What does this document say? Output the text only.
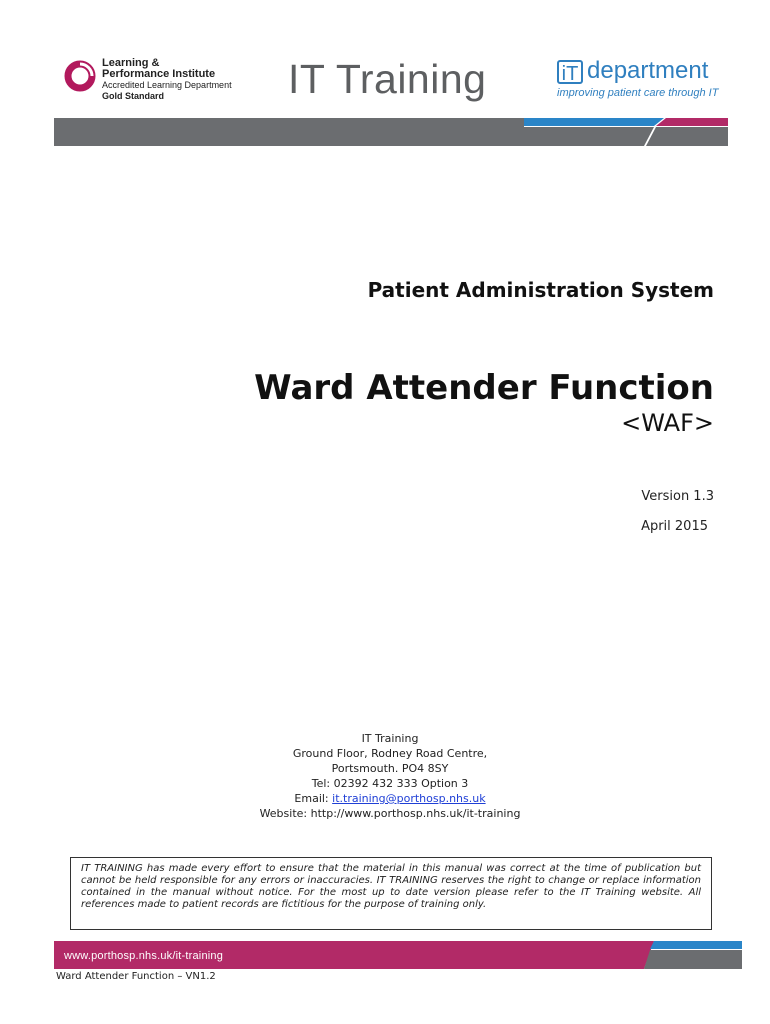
Learning &
Performance Institute
Accredited Learning Department
Gold Standard	IT Training	iT department
improving patient care through IT
Patient Administration System
Ward Attender Function
<WAF>
Version 1.3
April 2015
IT Training
Ground Floor, Rodney Road Centre,
Portsmouth. PO4 8SY
Tel: 02392 432 333 Option 3
Email: it.training@porthosp.nhs.uk
Website: http://www.porthosp.nhs.uk/it-training
IT TRAINING has made every effort to ensure that the material in this manual was correct at the time of publication but cannot be held responsible for any errors or inaccuracies. IT TRAINING reserves the right to change or replace information contained in the manual without notice. For the most up to date version please refer to the IT Training website. All references made to patient records are fictitious for the purpose of training only.
www.porthosp.nhs.uk/it-training
Ward Attender Function – VN1.2
